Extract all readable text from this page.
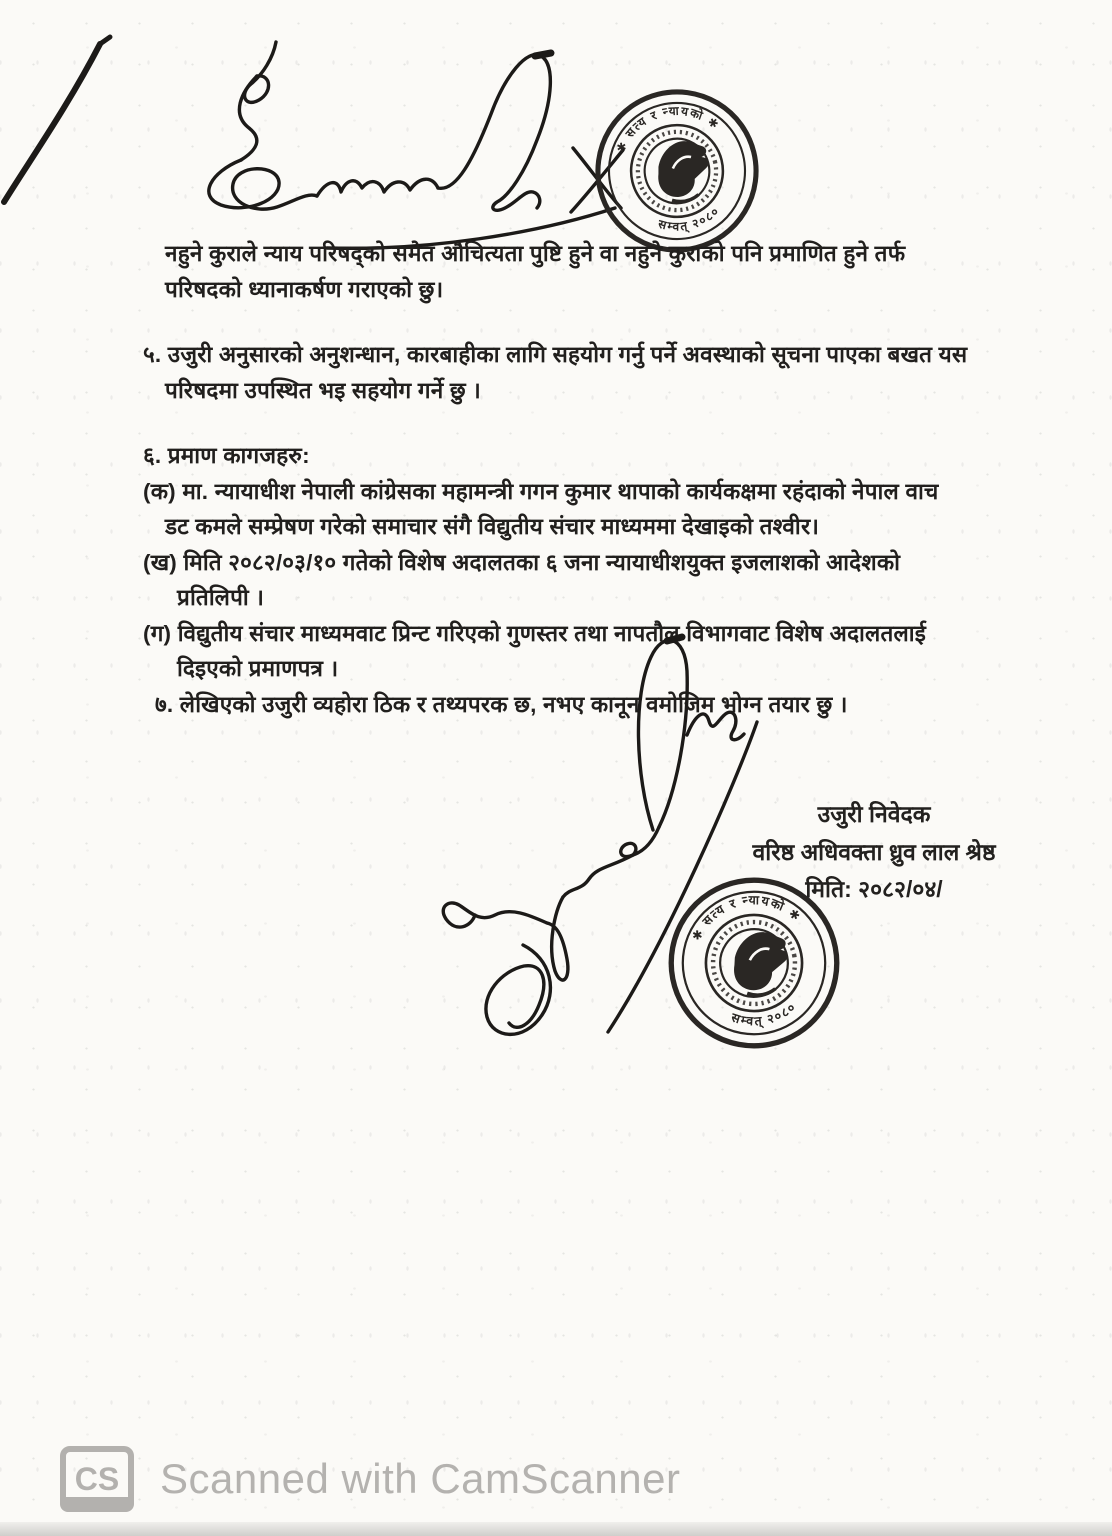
✱ सत्य र न्यायको ✱
सम्वत् २०८०
नहुने कुराले न्याय परिषद्को समेत औचित्यता पुष्टि हुने वा नहुने कुराको पनि प्रमाणित हुने तर्फ
परिषदको ध्यानाकर्षण गराएको छु।
५. उजुरी अनुसारको अनुशन्धान, कारबाहीका लागि सहयोग गर्नु पर्ने अवस्थाको सूचना पाएका बखत यस
परिषदमा उपस्थित भइ सहयोग गर्ने छु ।
६. प्रमाण कागजहरु:
(क) मा. न्यायाधीश नेपाली कांग्रेसका महामन्त्री गगन कुमार थापाको कार्यकक्षमा रहंदाको नेपाल वाच
डट कमले सम्प्रेषण गरेको समाचार संगै विद्युतीय संचार माध्यममा देखाइको तश्वीर।
(ख) मिति २०८२/०३/१० गतेको विशेष अदालतका ६ जना न्यायाधीशयुक्त इजलाशको आदेशको
प्रतिलिपी ।
(ग) विद्युतीय संचार माध्यमवाट प्रिन्ट गरिएको गुणस्तर तथा नापतौल विभागवाट विशेष अदालतलाई
दिइएको प्रमाणपत्र ।
७. लेखिएको उजुरी व्यहोरा ठिक र तथ्यपरक छ, नभए कानून वमोजिम भोग्न तयार छु ।
✱ सत्य र न्यायको ✱
सम्वत् २०८०
उजुरी निवेदक
वरिष्ठ अधिवक्ता ध्रुव लाल श्रेष्ठ
मिति: २०८२/०४/
CS Scanned with CamScanner
